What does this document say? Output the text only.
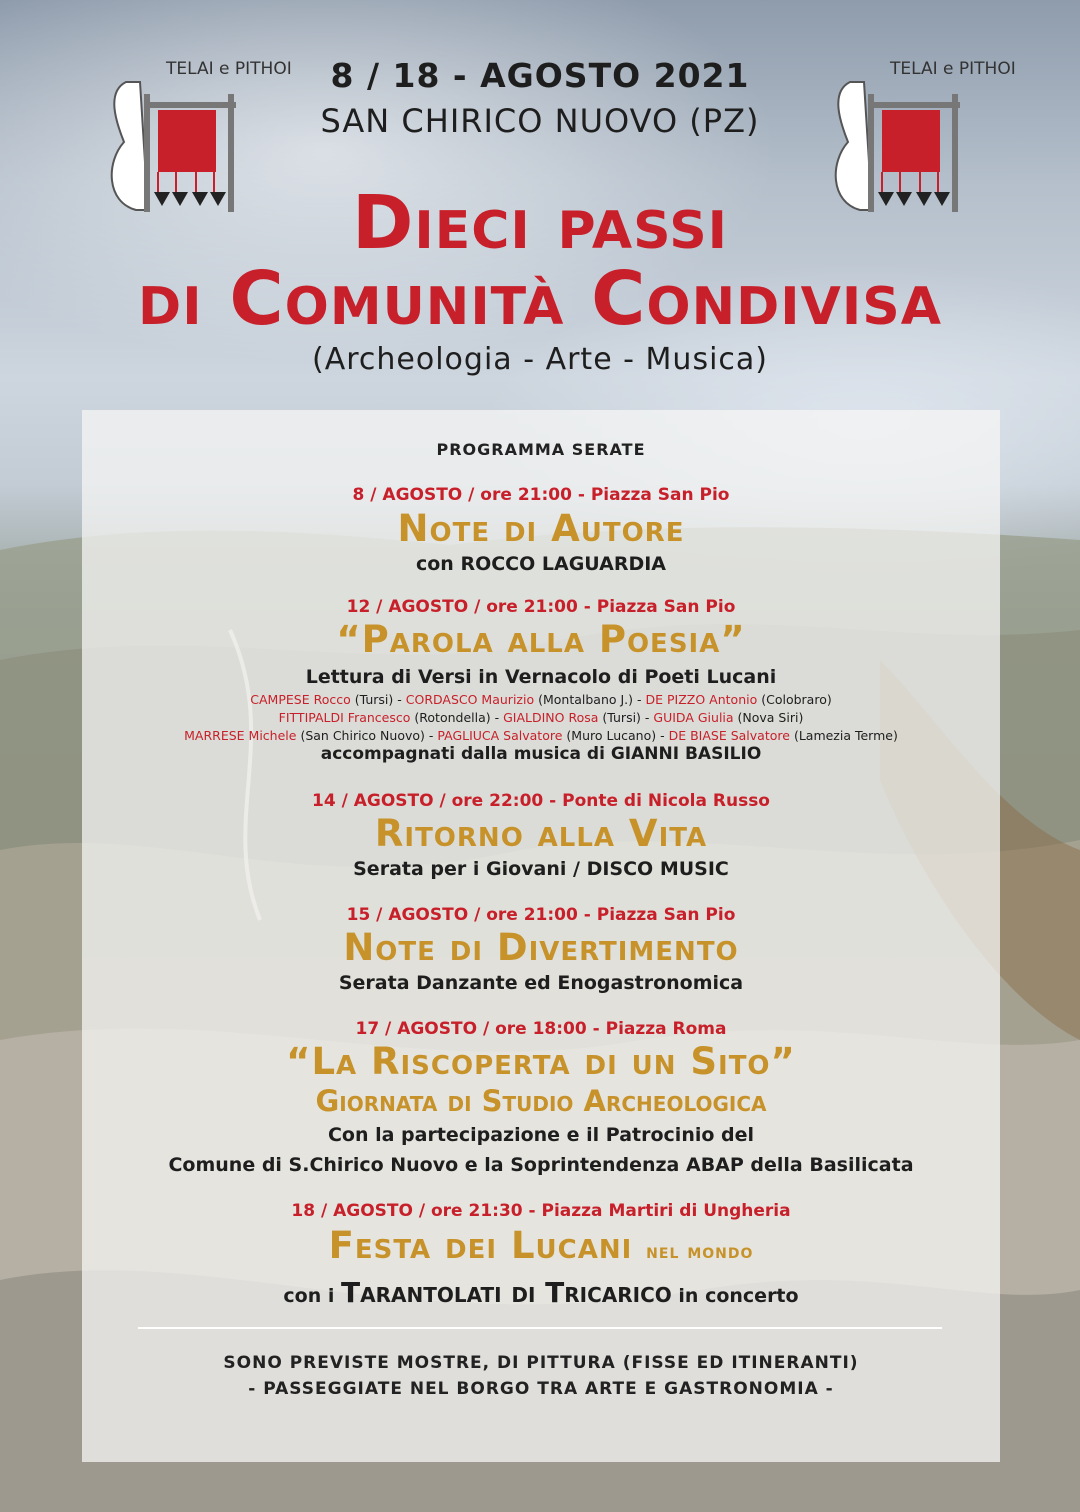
TELAI e PITHOI	TELAI e PITHOI
8 / 18 - AGOSTO 2021
SAN CHIRICO NUOVO (PZ)
Dieci passi
di Comunità Condivisa
(Archeologia - Arte - Musica)
PROGRAMMA SERATE
8 / AGOSTO / ore 21:00 - Piazza San Pio
Note di Autore
con ROCCO LAGUARDIA
12 / AGOSTO / ore 21:00 - Piazza San Pio
“Parola alla Poesia”
Lettura di Versi in Vernacolo di Poeti Lucani
CAMPESE Rocco (Tursi) - CORDASCO Maurizio (Montalbano J.) - DE PIZZO Antonio (Colobraro)
FITTIPALDI Francesco (Rotondella) - GIALDINO Rosa (Tursi) - GUIDA Giulia (Nova Siri)
MARRESE Michele (San Chirico Nuovo) - PAGLIUCA Salvatore (Muro Lucano) - DE BIASE Salvatore (Lamezia Terme)
accompagnati dalla musica di GIANNI BASILIO
14 / AGOSTO / ore 22:00 - Ponte di Nicola Russo
Ritorno alla Vita
Serata per i Giovani / DISCO MUSIC
15 / AGOSTO / ore 21:00 - Piazza San Pio
Note di Divertimento
Serata Danzante ed Enogastronomica
17 / AGOSTO / ore 18:00 - Piazza Roma
“La Riscoperta di un Sito”
Giornata di Studio Archeologica
Con la partecipazione e il Patrocinio del
Comune di S.Chirico Nuovo e la Soprintendenza ABAP della Basilicata
18 / AGOSTO / ore 21:30 - Piazza Martiri di Ungheria
Festa dei Lucani nel mondo
con i Tarantolati di Tricarico in concerto
SONO PREVISTE MOSTRE, DI PITTURA (FISSE ED ITINERANTI)
- PASSEGGIATE NEL BORGO TRA ARTE E GASTRONOMIA -
